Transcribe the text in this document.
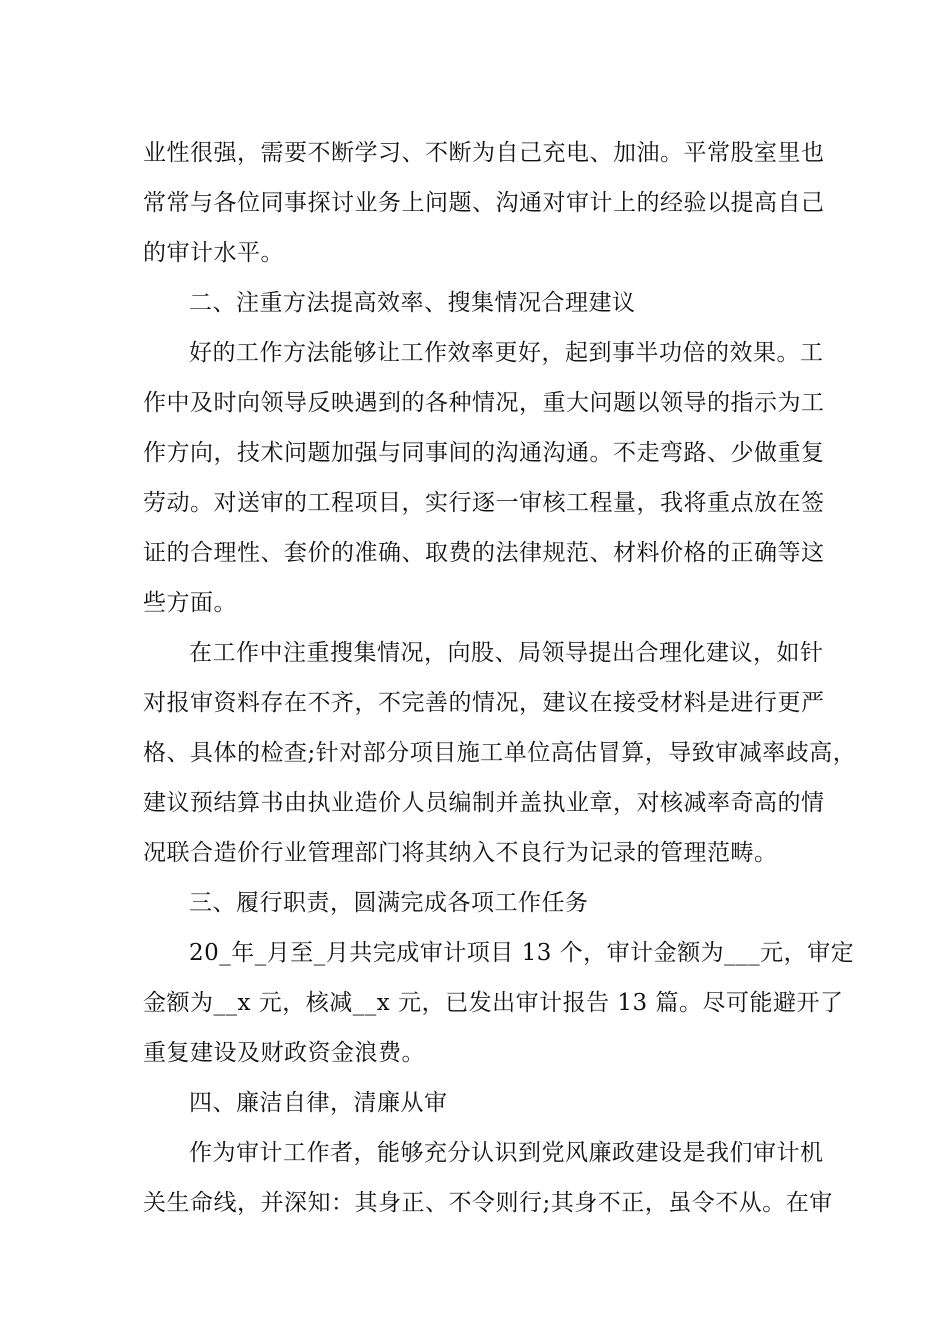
业性很强，需要不断学习、不断为自己充电、加油。平常股室里也
常常与各位同事探讨业务上问题、沟通对审计上的经验以提高自己
的审计水平。
二、注重方法提高效率、搜集情况合理建议
好的工作方法能够让工作效率更好，起到事半功倍的效果。工
作中及时向领导反映遇到的各种情况，重大问题以领导的指示为工
作方向，技术问题加强与同事间的沟通沟通。不走弯路、少做重复
劳动。对送审的工程项目，实行逐一审核工程量，我将重点放在签
证的合理性、套价的准确、取费的法律规范、材料价格的正确等这
些方面。
在工作中注重搜集情况，向股、局领导提出合理化建议，如针
对报审资料存在不齐，不完善的情况，建议在接受材料是进行更严
格、具体的检查;针对部分项目施工单位高估冒算，导致审减率歧高，
建议预结算书由执业造价人员编制并盖执业章，对核减率奇高的情
况联合造价行业管理部门将其纳入不良行为记录的管理范畴。
三、履行职责，圆满完成各项工作任务
20_年_月至_月共完成审计项目 13 个，审计金额为___元，审定
金额为__x 元，核减__x 元，已发出审计报告 13 篇。尽可能避开了
重复建设及财政资金浪费。
四、廉洁自律，清廉从审
作为审计工作者，能够充分认识到党风廉政建设是我们审计机
关生命线，并深知：其身正、不令则行;其身不正，虽令不从。在审
